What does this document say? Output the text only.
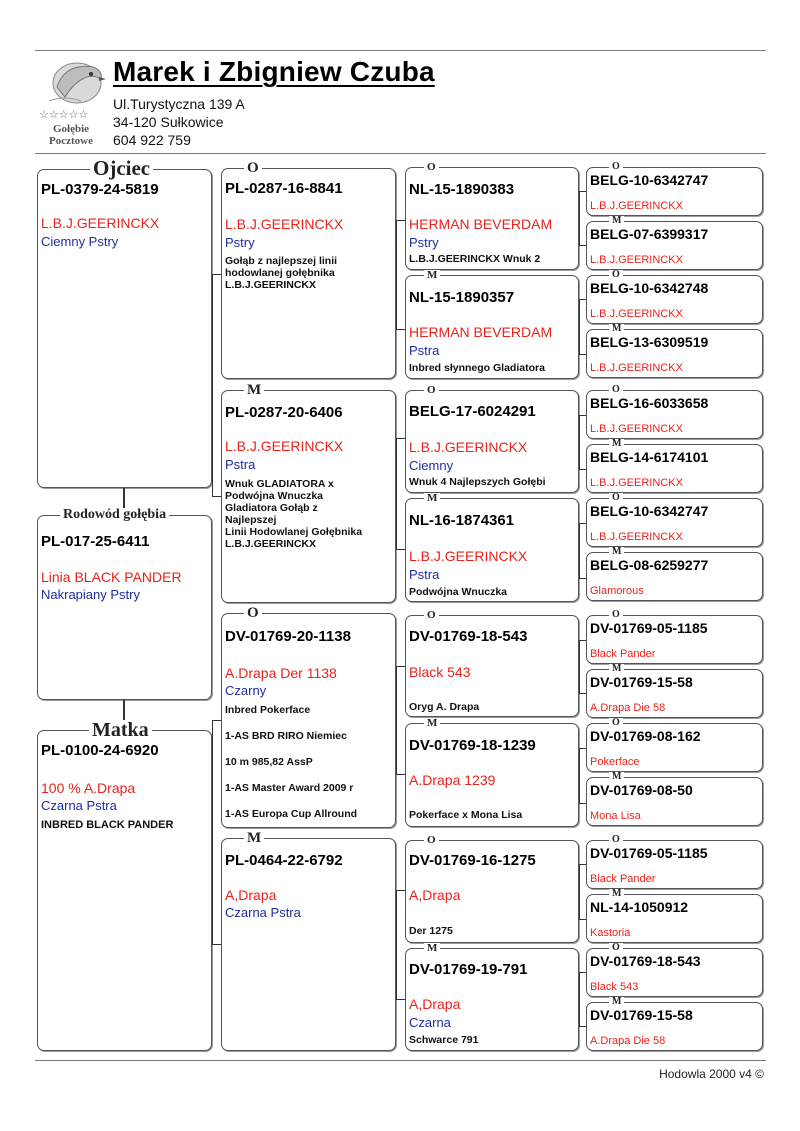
☆☆☆☆☆
Gołębie
Pocztowe
Marek i Zbigniew Czuba
Ul.Turystyczna 139 A
34-120 Sułkowice
604 922 759
Ojciec
PL-0379-24-5819
L.B.J.GEERINCKX
Ciemny Pstry
Rodowód gołębia
PL-017-25-6411
Linia BLACK PANDER
Nakrapiany Pstry
Matka
PL-0100-24-6920
100 % A.Drapa
Czarna Pstra
INBRED BLACK PANDER
O
PL-0287-16-8841
L.B.J.GEERINCKX
Pstry
Gołąb z najlepszej linii
hodowlanej gołębnika
L.B.J.GEERINCKX
M
PL-0287-20-6406
L.B.J.GEERINCKX
Pstra
Wnuk GLADIATORA x
Podwójna Wnuczka
Gladiatora Gołąb z
Najlepszej
Linii Hodowlanej Gołębnika
L.B.J.GEERINCKX
O
DV-01769-20-1138
A.Drapa Der 1138
Czarny
Inbred Pokerface
1-AS BRD RIRO Niemiec
10 m 985,82 AssP
1-AS Master Award 2009 r
1-AS Europa Cup Allround
M
PL-0464-22-6792
A,Drapa
Czarna Pstra
O
NL-15-1890383
HERMAN BEVERDAM
Pstry
L.B.J.GEERINCKX Wnuk 2
M
NL-15-1890357
HERMAN BEVERDAM
Pstra
Inbred słynnego Gladiatora
O
BELG-17-6024291
L.B.J.GEERINCKX
Ciemny
Wnuk 4 Najlepszych Gołębi
M
NL-16-1874361
L.B.J.GEERINCKX
Pstra
Podwójna Wnuczka
O
DV-01769-18-543
Black 543
Oryg A. Drapa
M
DV-01769-18-1239
A.Drapa 1239
Pokerface x Mona Lisa
O
DV-01769-16-1275
A,Drapa
Der 1275
M
DV-01769-19-791
A,Drapa
Czarna
Schwarce 791
O
BELG-10-6342747
L.B.J.GEERINCKX
M
BELG-07-6399317
L.B.J.GEERINCKX
O
BELG-10-6342748
L.B.J.GEERINCKX
M
BELG-13-6309519
L.B.J.GEERINCKX
O
BELG-16-6033658
L.B.J.GEERINCKX
M
BELG-14-6174101
L.B.J.GEERINCKX
O
BELG-10-6342747
L.B.J.GEERINCKX
M
BELG-08-6259277
Glamorous
O
DV-01769-05-1185
Black Pander
M
DV-01769-15-58
A.Drapa Die 58
O
DV-01769-08-162
Pokerface
M
DV-01769-08-50
Mona Lisa
O
DV-01769-05-1185
Black Pander
M
NL-14-1050912
Kastoria
O
DV-01769-18-543
Black 543
M
DV-01769-15-58
A.Drapa Die 58
Hodowla 2000 v4 ©
